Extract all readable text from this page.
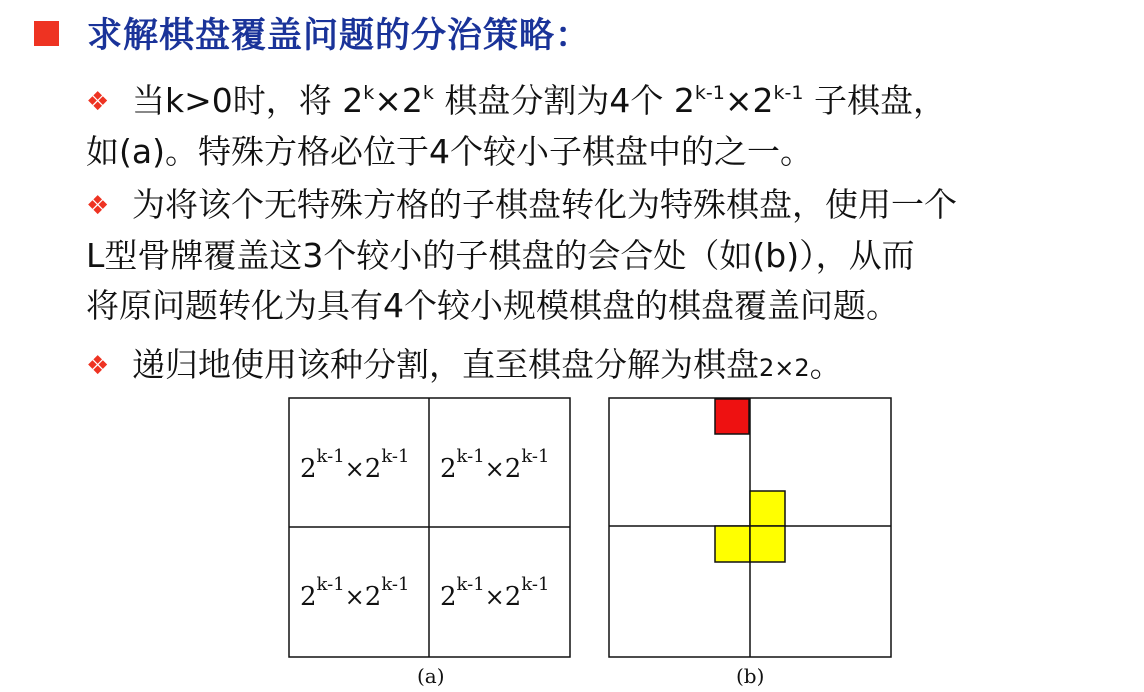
求解棋盘覆盖问题的分治策略：
❖ 当k>0时，将 $2^k\times 2^k$ 棋盘分割为4个 $2^{k-1}\times 2^{k-1}$ 子棋盘，
如(a)。特殊方格必位于4个较小子棋盘中的之一。
❖ 为将该个无特殊方格的子棋盘转化为特殊棋盘，使用一个
L型骨牌覆盖这3个较小的子棋盘的会合处（如(b)），从而
将原问题转化为具有4个较小规模棋盘的棋盘覆盖问题。
❖ 递归地使用该种分割，直至棋盘分解为棋盘2×2。
2k-1×2k-1 2k-1×2k-1
2k-1×2k-1 2k-1×2k-1
(a)	(b)
